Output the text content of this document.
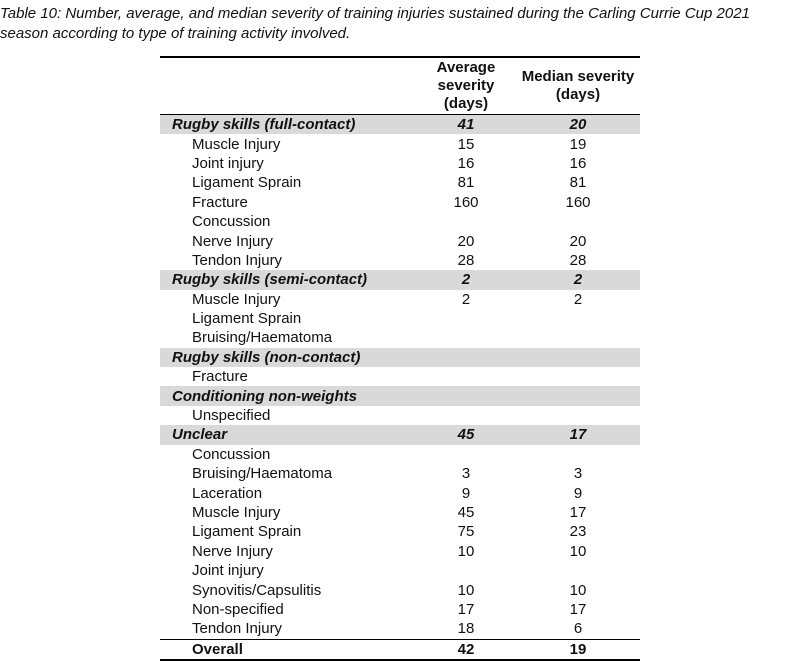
Table 10: Number, average, and median severity of training injuries sustained during the Carling Currie Cup 2021 season according to type of training activity involved.
	Average severity (days)	Median severity (days)
Rugby skills (full-contact)	41	20
Muscle Injury	15	19
Joint injury	16	16
Ligament Sprain	81	81
Fracture	160	160
Concussion		
Nerve Injury	20	20
Tendon Injury	28	28
Rugby skills (semi-contact)	2	2
Muscle Injury	2	2
Ligament Sprain		
Bruising/Haematoma		
Rugby skills (non-contact)		
Fracture		
Conditioning non-weights		
Unspecified		
Unclear	45	17
Concussion		
Bruising/Haematoma	3	3
Laceration	9	9
Muscle Injury	45	17
Ligament Sprain	75	23
Nerve Injury	10	10
Joint injury		
Synovitis/Capsulitis	10	10
Non-specified	17	17
Tendon Injury	18	6
Overall	42	19
